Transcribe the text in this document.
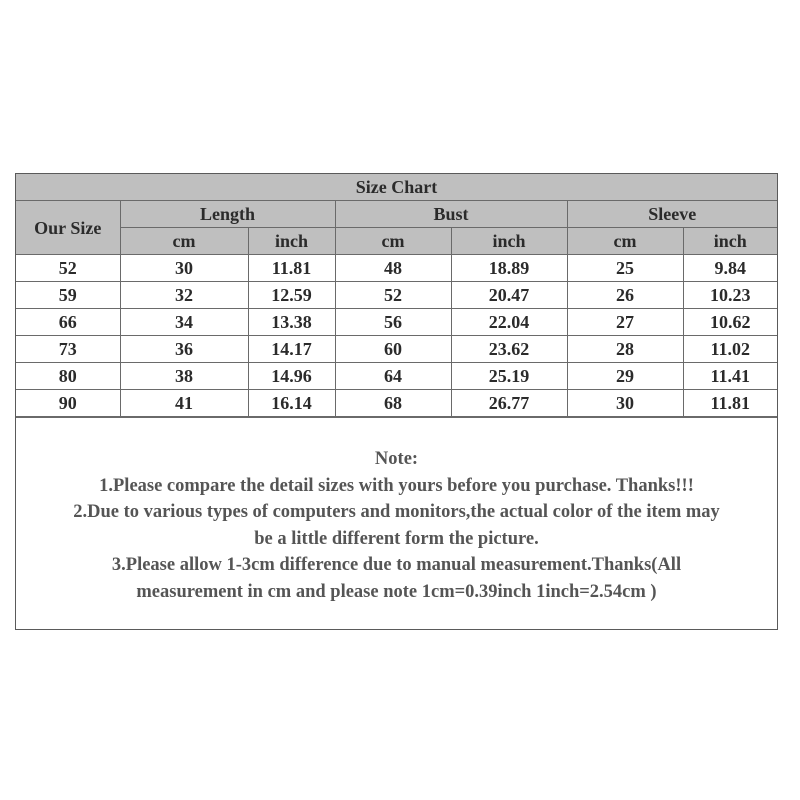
Size Chart						
Our Size	Length		Bust		Sleeve	
	cm	inch	cm	inch	cm	inch
52	30	11.81	48	18.89	25	9.84
59	32	12.59	52	20.47	26	10.23
66	34	13.38	56	22.04	27	10.62
73	36	14.17	60	23.62	28	11.02
80	38	14.96	64	25.19	29	11.41
90	41	16.14	68	26.77	30	11.81
Note:
1.Please compare the detail sizes with yours before you purchase. Thanks!!!
2.Due to various types of computers and monitors,the actual color of the item may
be a little different form the picture.
3.Please allow 1-3cm difference due to manual measurement.Thanks(All
measurement in cm and please note 1cm=0.39inch 1inch=2.54cm )
